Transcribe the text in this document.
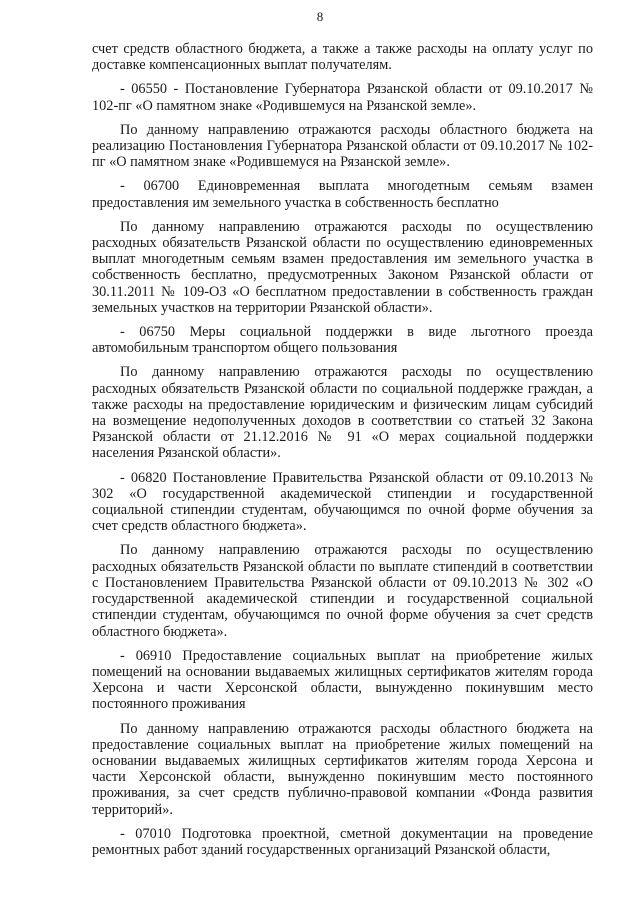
8

счет средств областного бюджета, а также а также расходы на оплату услуг по доставке компенсационных выплат получателям.

- 06550 - Постановление Губернатора Рязанской области от 09.10.2017 № 102-пг «О памятном знаке «Родившемуся на Рязанской земле».

По данному направлению отражаются расходы областного бюджета на реализацию Постановления Губернатора Рязанской области от 09.10.2017 № 102-пг «О памятном знаке «Родившемуся на Рязанской земле».

- 06700 Единовременная выплата многодетным семьям взамен предоставления им земельного участка в собственность бесплатно

По данному направлению отражаются расходы по осуществлению расходных обязательств Рязанской области по осуществлению единовременных выплат многодетным семьям взамен предоставления им земельного участка в собственность бесплатно, предусмотренных Законом Рязанской области от 30.11.2011 № 109-ОЗ «О бесплатном предоставлении в собственность граждан земельных участков на территории Рязанской области».

- 06750 Меры социальной поддержки в виде льготного проезда автомобильным транспортом общего пользования

По данному направлению отражаются расходы по осуществлению расходных обязательств Рязанской области по социальной поддержке граждан, а также расходы на предоставление юридическим и физическим лицам субсидий на возмещение недополученных доходов в соответствии со статьей 32 Закона Рязанской области от 21.12.2016 № 91 «О мерах социальной поддержки населения Рязанской области».

- 06820 Постановление Правительства Рязанской области от 09.10.2013 № 302 «О государственной академической стипендии и государственной социальной стипендии студентам, обучающимся по очной форме обучения за счет средств областного бюджета».

По данному направлению отражаются расходы по осуществлению расходных обязательств Рязанской области по выплате стипендий в соответствии с Постановлением Правительства Рязанской области от 09.10.2013 № 302 «О государственной академической стипендии и государственной социальной стипендии студентам, обучающимся по очной форме обучения за счет средств областного бюджета».

- 06910 Предоставление социальных выплат на приобретение жилых помещений на основании выдаваемых жилищных сертификатов жителям города Херсона и части Херсонской области, вынужденно покинувшим место постоянного проживания

По данному направлению отражаются расходы областного бюджета на предоставление социальных выплат на приобретение жилых помещений на основании выдаваемых жилищных сертификатов жителям города Херсона и части Херсонской области, вынужденно покинувшим место постоянного проживания, за счет средств публично-правовой компании «Фонда развития территорий».

- 07010 Подготовка проектной, сметной документации на проведение ремонтных работ зданий государственных организаций Рязанской области,
